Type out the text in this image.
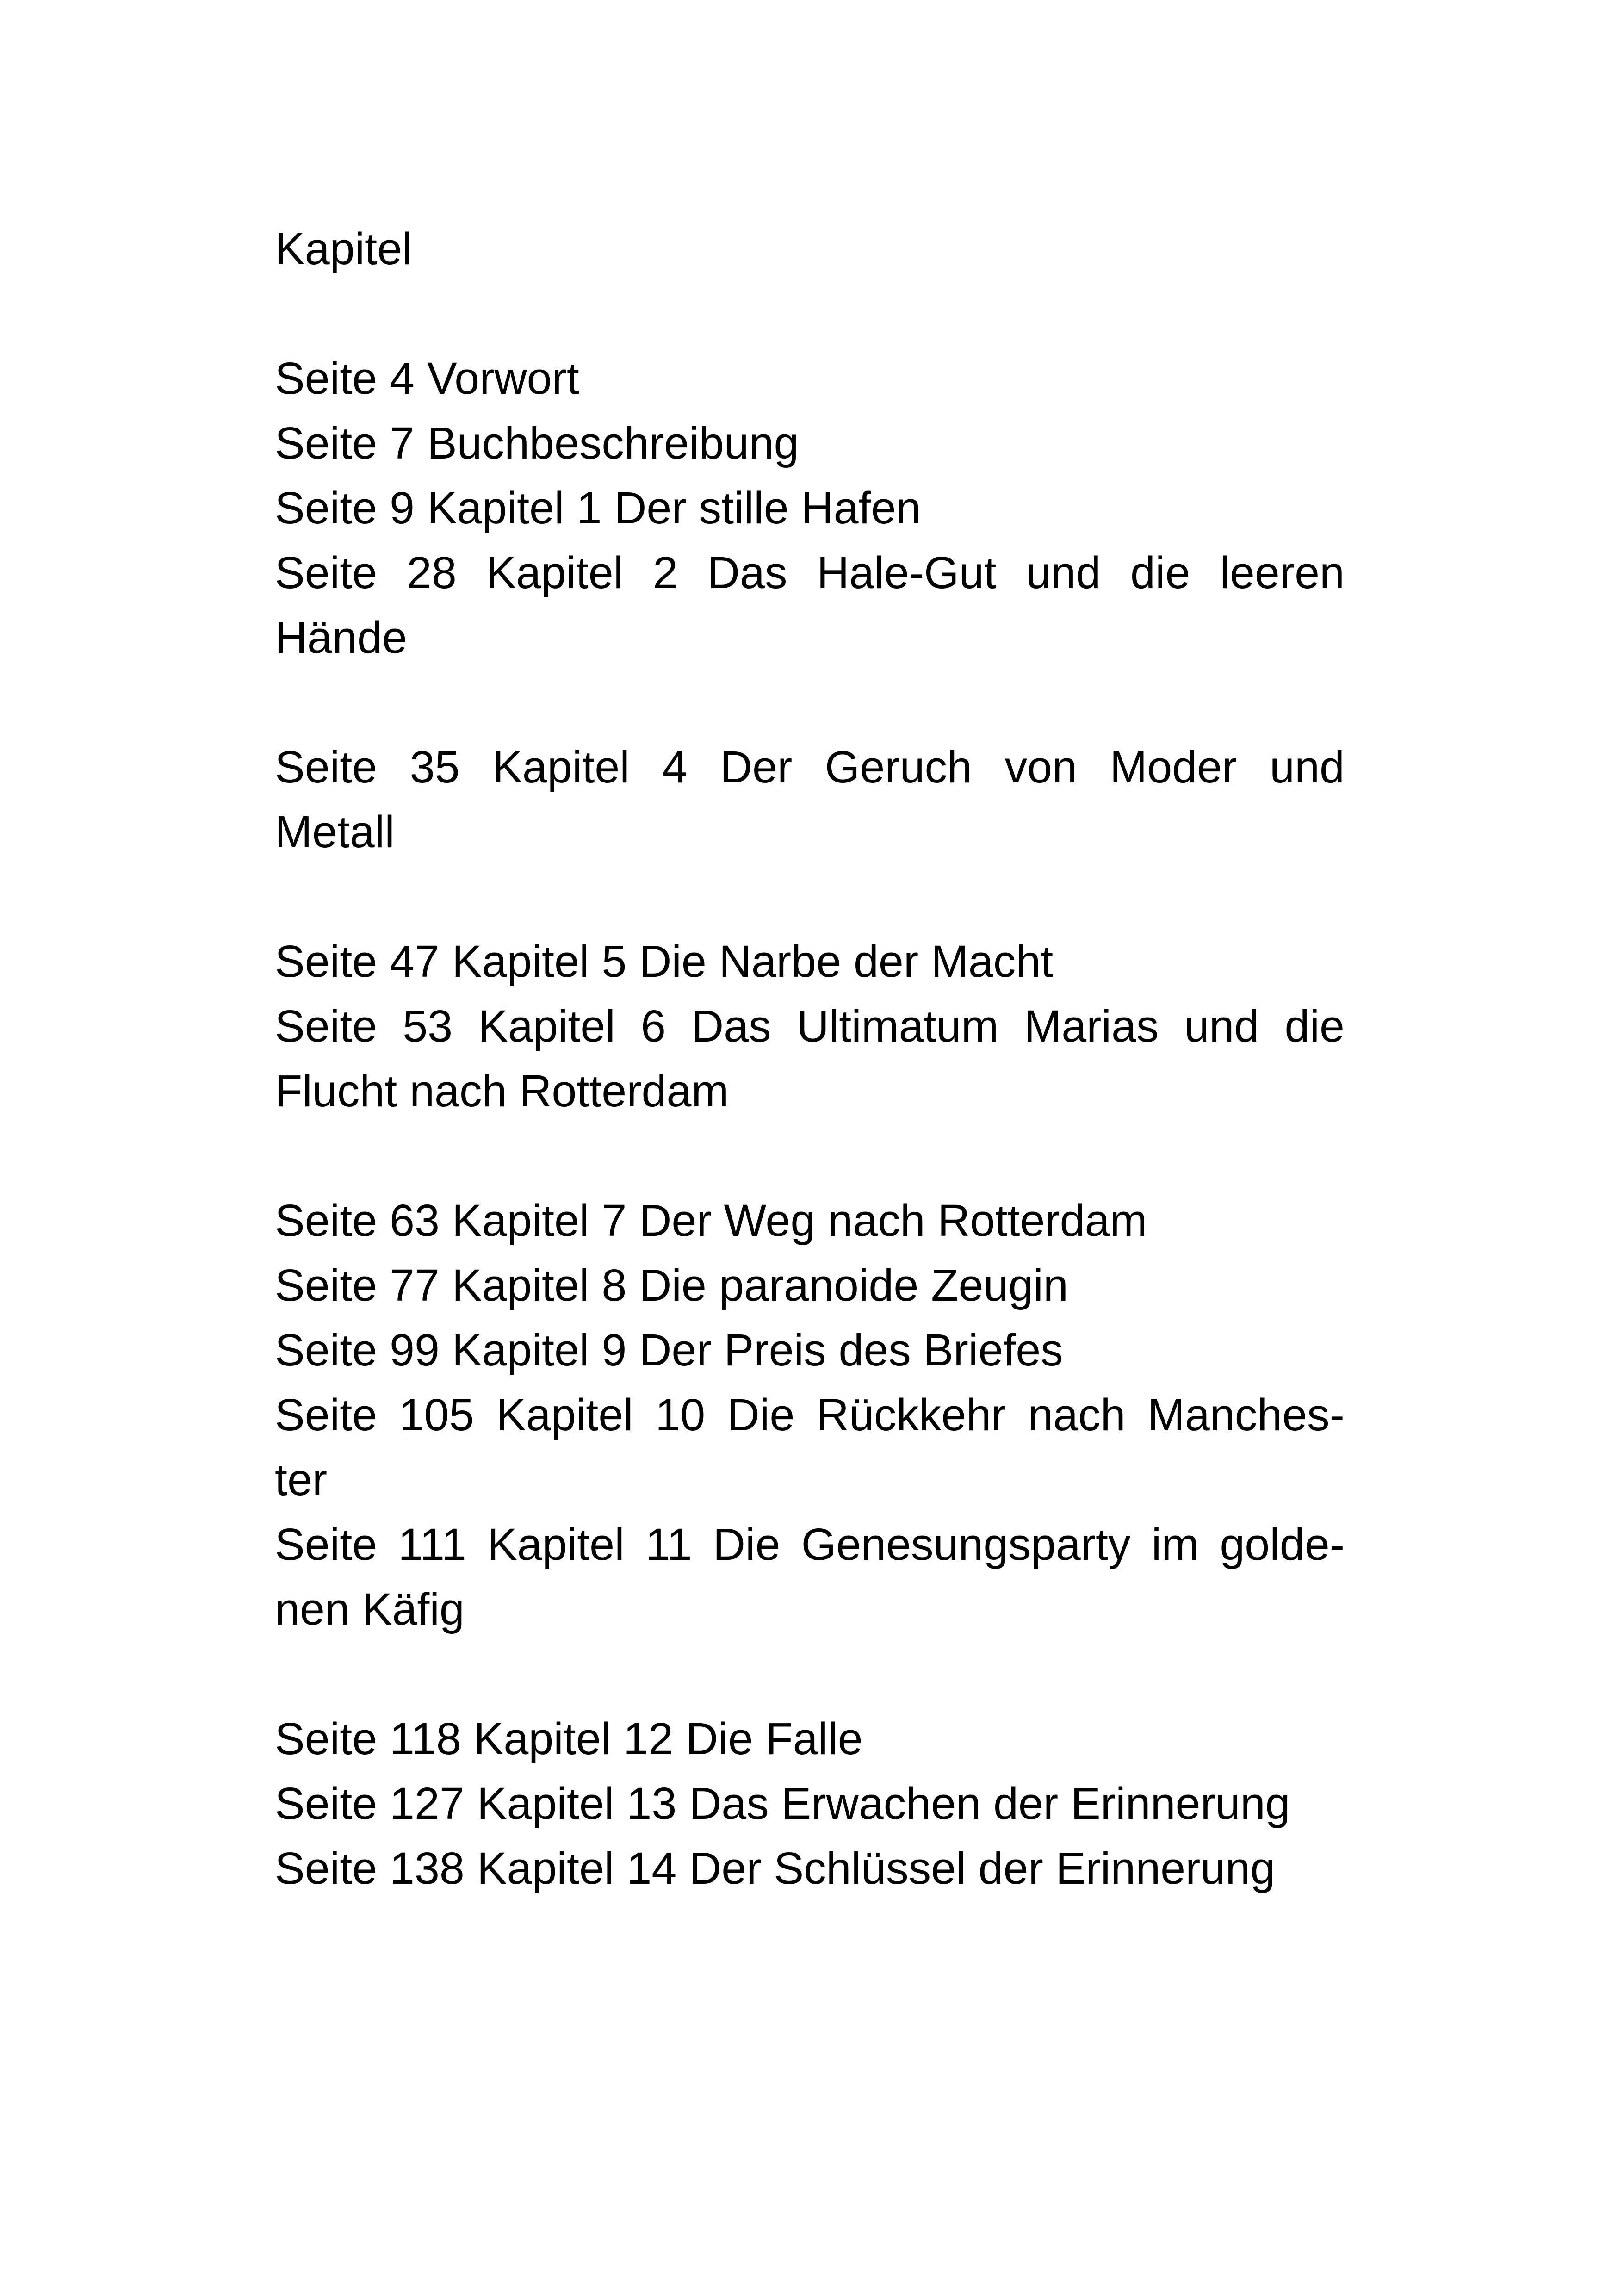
Kapitel
Seite 4 Vorwort
Seite 7 Buchbeschreibung
Seite 9 Kapitel 1 Der stille Hafen
Seite 28 Kapitel 2 Das Hale-Gut und die leeren
Hände
Seite 35 Kapitel 4 Der Geruch von Moder und
Metall
Seite 47 Kapitel 5 Die Narbe der Macht
Seite 53 Kapitel 6 Das Ultimatum Marias und die
Flucht nach Rotterdam
Seite 63 Kapitel 7 Der Weg nach Rotterdam
Seite 77 Kapitel 8 Die paranoide Zeugin
Seite 99 Kapitel 9 Der Preis des Briefes
Seite 105 Kapitel 10 Die Rückkehr nach Manches-
ter
Seite 111 Kapitel 11 Die Genesungsparty im golde-
nen Käfig
Seite 118 Kapitel 12 Die Falle
Seite 127 Kapitel 13 Das Erwachen der Erinnerung
Seite 138 Kapitel 14 Der Schlüssel der Erinnerung
